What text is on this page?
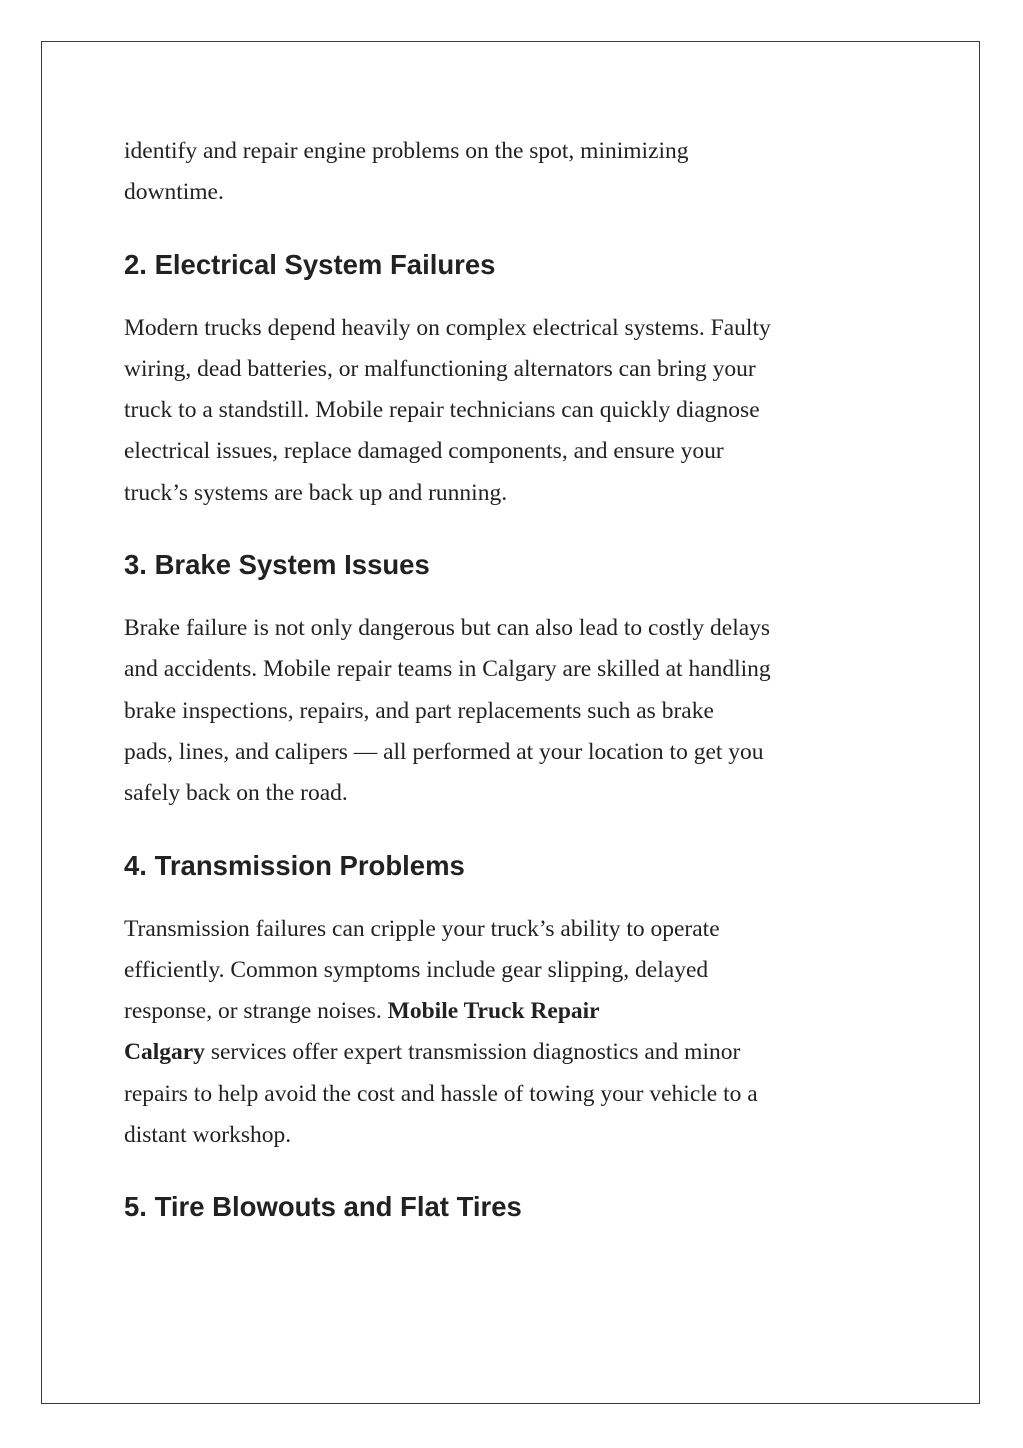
identify and repair engine problems on the spot, minimizing
downtime.

2. Electrical System Failures

Modern trucks depend heavily on complex electrical systems. Faulty
wiring, dead batteries, or malfunctioning alternators can bring your
truck to a standstill. Mobile repair technicians can quickly diagnose
electrical issues, replace damaged components, and ensure your
truck’s systems are back up and running.

3. Brake System Issues

Brake failure is not only dangerous but can also lead to costly delays
and accidents. Mobile repair teams in Calgary are skilled at handling
brake inspections, repairs, and part replacements such as brake
pads, lines, and calipers — all performed at your location to get you
safely back on the road.

4. Transmission Problems

Transmission failures can cripple your truck’s ability to operate
efficiently. Common symptoms include gear slipping, delayed
response, or strange noises. Mobile Truck Repair
Calgary services offer expert transmission diagnostics and minor
repairs to help avoid the cost and hassle of towing your vehicle to a
distant workshop.

5. Tire Blowouts and Flat Tires
